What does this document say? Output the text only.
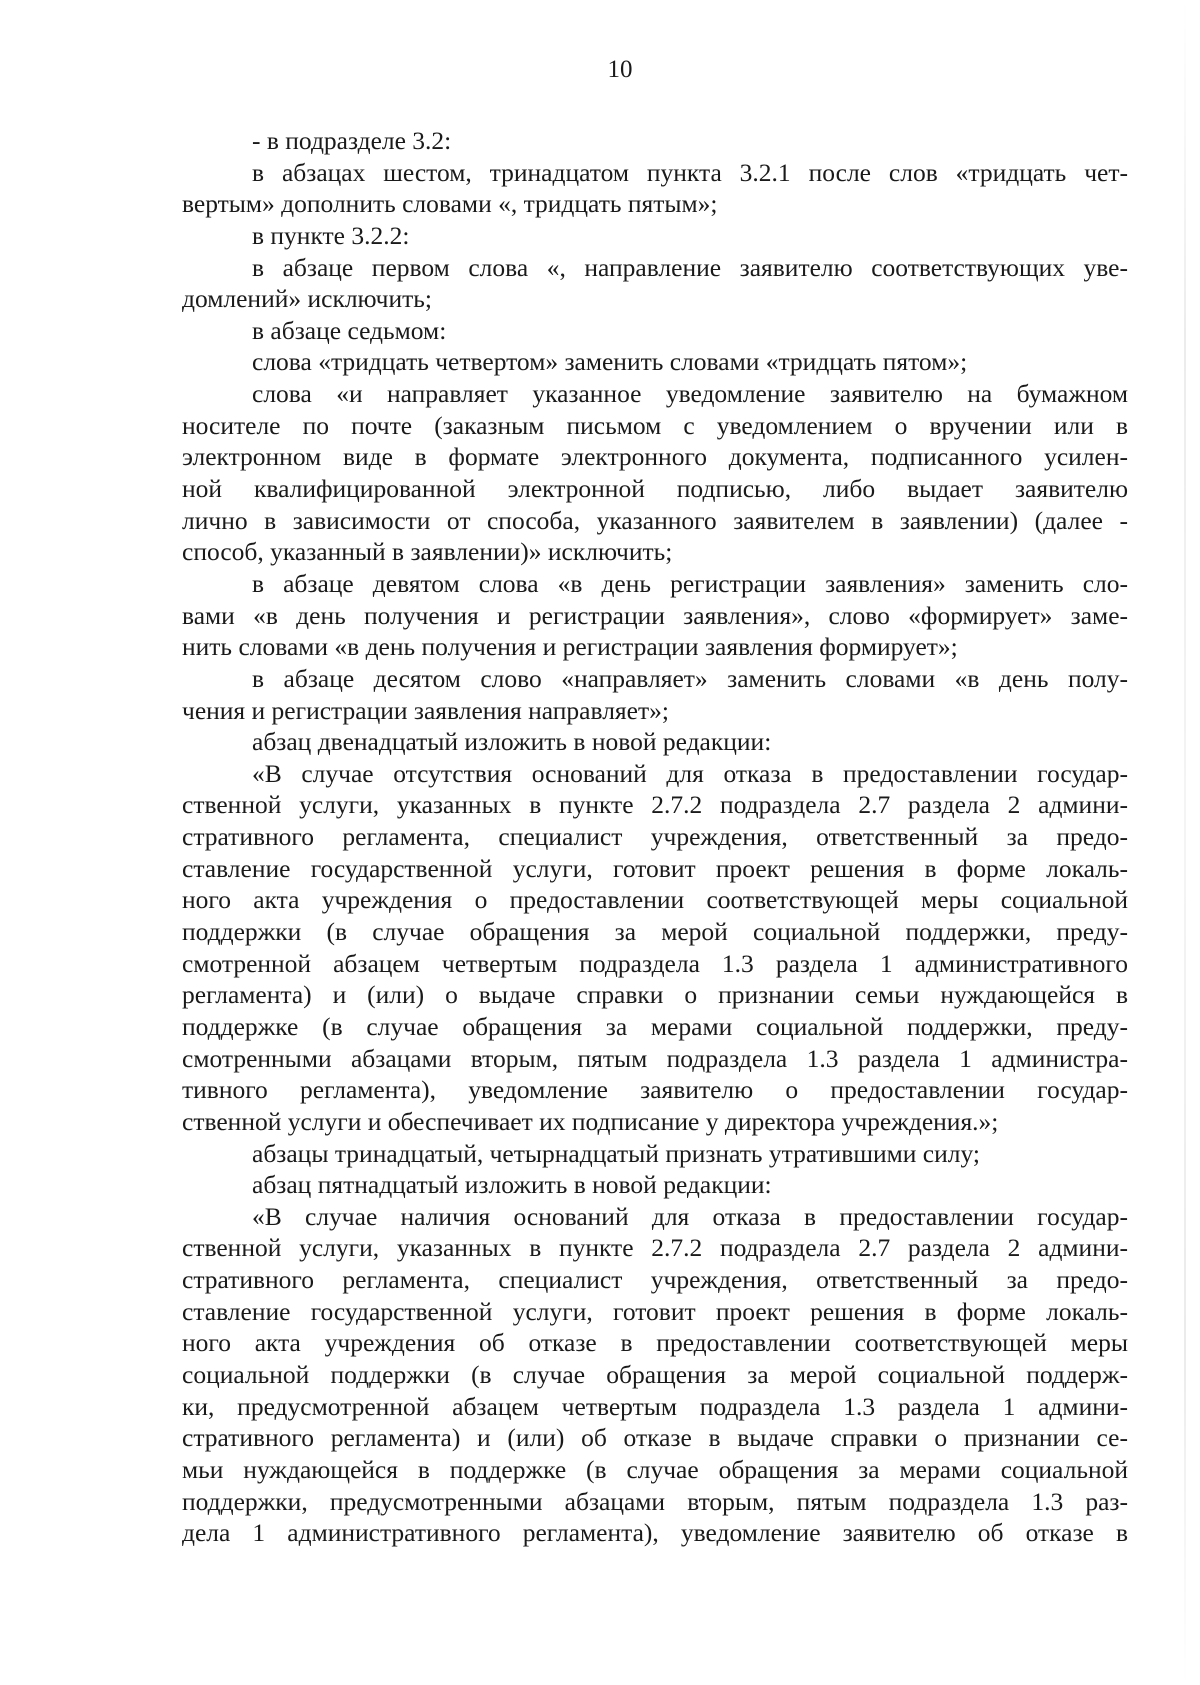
10
- в подразделе 3.2:
в абзацах шестом, тринадцатом пункта 3.2.1 после слов «тридцать чет-
вертым» дополнить словами «, тридцать пятым»;
в пункте 3.2.2:
в абзаце первом слова «, направление заявителю соответствующих уве-
домлений» исключить;
в абзаце седьмом:
слова «тридцать четвертом» заменить словами «тридцать пятом»;
слова «и направляет указанное уведомление заявителю на бумажном
носителе по почте (заказным письмом с уведомлением о вручении или в
электронном виде в формате электронного документа, подписанного усилен-
ной квалифицированной электронной подписью, либо выдает заявителю
лично в зависимости от способа, указанного заявителем в заявлении) (далее -
способ, указанный в заявлении)» исключить;
в абзаце девятом слова «в день регистрации заявления» заменить сло-
вами «в день получения и регистрации заявления», слово «формирует» заме-
нить словами «в день получения и регистрации заявления формирует»;
в абзаце десятом слово «направляет» заменить словами «в день полу-
чения и регистрации заявления направляет»;
абзац двенадцатый изложить в новой редакции:
«В случае отсутствия оснований для отказа в предоставлении государ-
ственной услуги, указанных в пункте 2.7.2 подраздела 2.7 раздела 2 админи-
стративного регламента, специалист учреждения, ответственный за предо-
ставление государственной услуги, готовит проект решения в форме локаль-
ного акта учреждения о предоставлении соответствующей меры социальной
поддержки (в случае обращения за мерой социальной поддержки, преду-
смотренной абзацем четвертым подраздела 1.3 раздела 1 административного
регламента) и (или) о выдаче справки о признании семьи нуждающейся в
поддержке (в случае обращения за мерами социальной поддержки, преду-
смотренными абзацами вторым, пятым подраздела 1.3 раздела 1 администра-
тивного регламента), уведомление заявителю о предоставлении государ-
ственной услуги и обеспечивает их подписание у директора учреждения.»;
абзацы тринадцатый, четырнадцатый признать утратившими силу;
абзац пятнадцатый изложить в новой редакции:
«В случае наличия оснований для отказа в предоставлении государ-
ственной услуги, указанных в пункте 2.7.2 подраздела 2.7 раздела 2 админи-
стративного регламента, специалист учреждения, ответственный за предо-
ставление государственной услуги, готовит проект решения в форме локаль-
ного акта учреждения об отказе в предоставлении соответствующей меры
социальной поддержки (в случае обращения за мерой социальной поддерж-
ки, предусмотренной абзацем четвертым подраздела 1.3 раздела 1 админи-
стративного регламента) и (или) об отказе в выдаче справки о признании се-
мьи нуждающейся в поддержке (в случае обращения за мерами социальной
поддержки, предусмотренными абзацами вторым, пятым подраздела 1.3 раз-
дела 1 административного регламента), уведомление заявителю об отказе в
